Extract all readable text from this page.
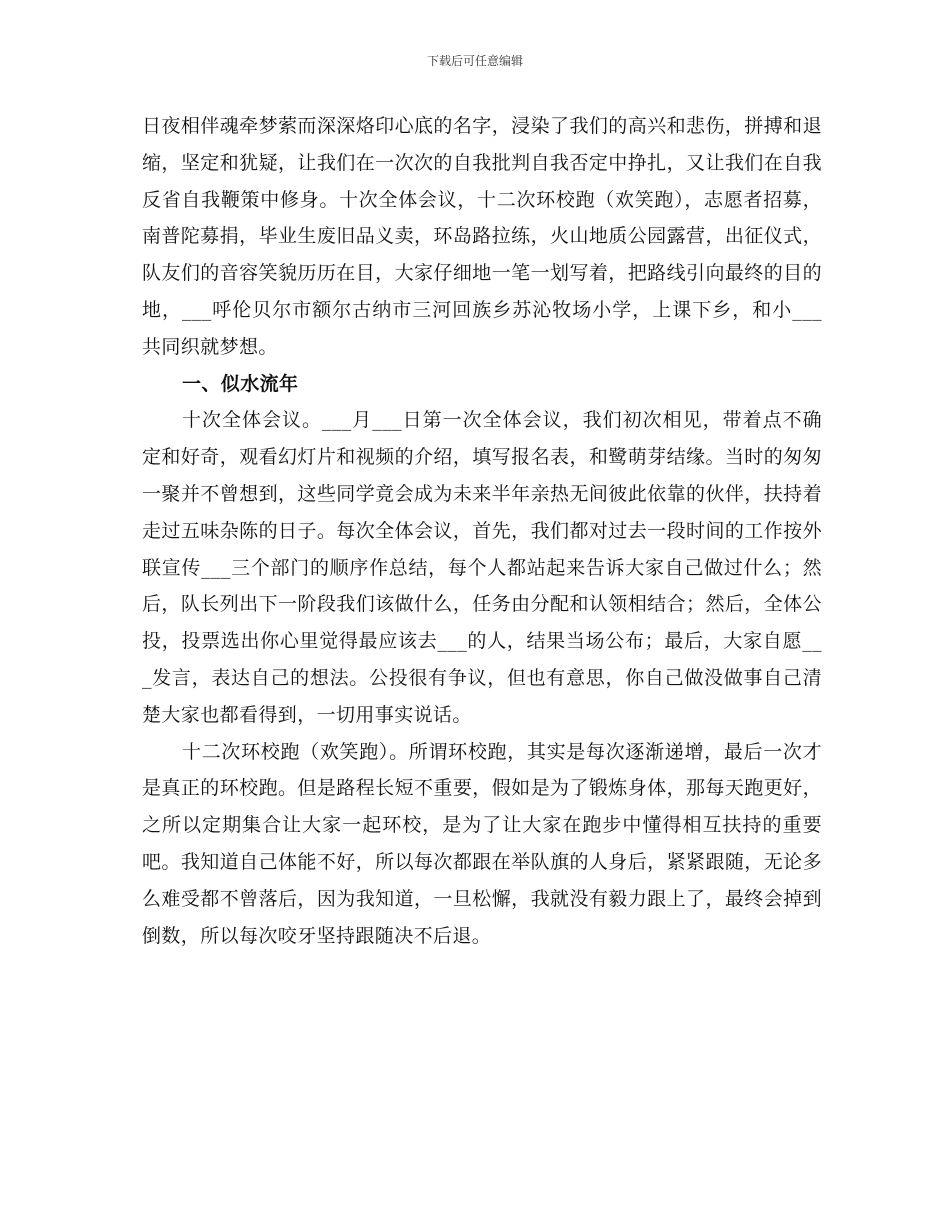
下载后可任意编辑

日夜相伴魂牵梦萦而深深烙印心底的名字，浸染了我们的高兴和悲伤，拼搏和退缩，坚定和犹疑，让我们在一次次的自我批判自我否定中挣扎，又让我们在自我反省自我鞭策中修身。十次全体会议，十二次环校跑（欢笑跑），志愿者招募，南普陀募捐，毕业生废旧品义卖，环岛路拉练，火山地质公园露营，出征仪式，队友们的音容笑貌历历在目，大家仔细地一笔一划写着，把路线引向最终的目的地，___呼伦贝尔市额尔古纳市三河回族乡苏沁牧场小学，上课下乡，和小___共同织就梦想。

一、似水流年

十次全体会议。___月___日第一次全体会议，我们初次相见，带着点不确定和好奇，观看幻灯片和视频的介绍，填写报名表，和鹭萌芽结缘。当时的匆匆一聚并不曾想到，这些同学竟会成为未来半年亲热无间彼此依靠的伙伴，扶持着走过五味杂陈的日子。每次全体会议，首先，我们都对过去一段时间的工作按外联宣传___三个部门的顺序作总结，每个人都站起来告诉大家自己做过什么；然后，队长列出下一阶段我们该做什么，任务由分配和认领相结合；然后，全体公投，投票选出你心里觉得最应该去___的人，结果当场公布；最后，大家自愿___发言，表达自己的想法。公投很有争议，但也有意思，你自己做没做事自己清楚大家也都看得到，一切用事实说话。

十二次环校跑（欢笑跑）。所谓环校跑，其实是每次逐渐递增，最后一次才是真正的环校跑。但是路程长短不重要，假如是为了锻炼身体，那每天跑更好，之所以定期集合让大家一起环校，是为了让大家在跑步中懂得相互扶持的重要吧。我知道自己体能不好，所以每次都跟在举队旗的人身后，紧紧跟随，无论多么难受都不曾落后，因为我知道，一旦松懈，我就没有毅力跟上了，最终会掉到倒数，所以每次咬牙坚持跟随决不后退。
